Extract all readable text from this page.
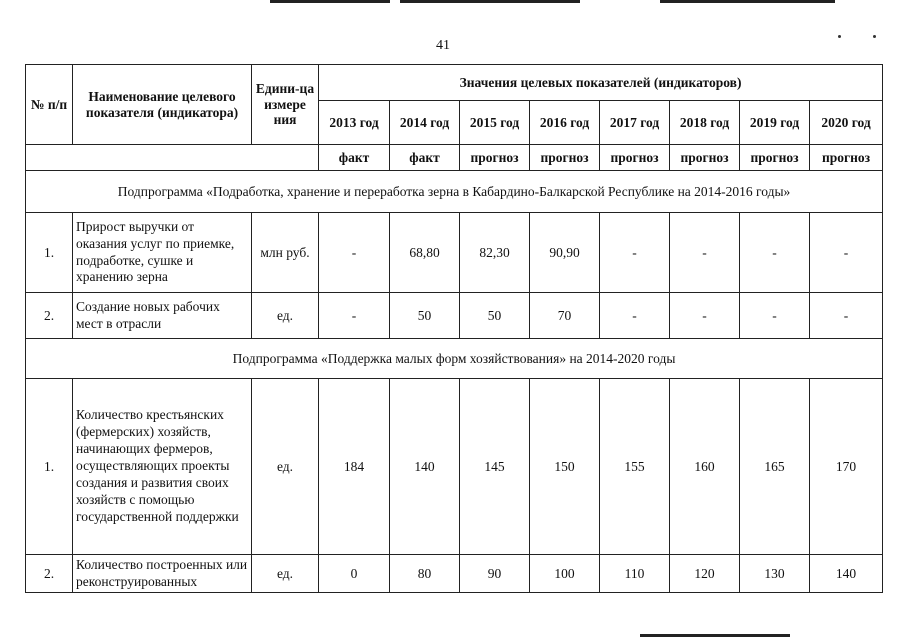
41
№ п/п	Наименование целевого показателя (индикатора)	Едини-ца измере ния	Значения целевых показателей (индикаторов)							
			2013 год	2014 год	2015 год	2016 год	2017 год	2018 год	2019 год	2020 год
			факт	факт	прогноз	прогноз	прогноз	прогноз	прогноз	прогноз
Подпрограмма «Подработка, хранение и переработка зерна в Кабардино-Балкарской Республике на 2014-2016 годы»										
1.	Прирост выручки от оказания услуг по приемке, подработке, сушке и хранению зерна	млн руб.	-	68,80	82,30	90,90	-	-	-	-
2.	Создание новых рабочих мест в отрасли	ед.	-	50	50	70	-	-	-	-
Подпрограмма «Поддержка малых форм хозяйствования» на 2014-2020 годы										
1.	Количество крестьянских (фермерских) хозяйств, начинающих фермеров, осуществляющих проекты создания и развития своих хозяйств с помощью государственной поддержки	ед.	184	140	145	150	155	160	165	170
2.	Количество построенных или реконструированных	ед.	0	80	90	100	110	120	130	140
